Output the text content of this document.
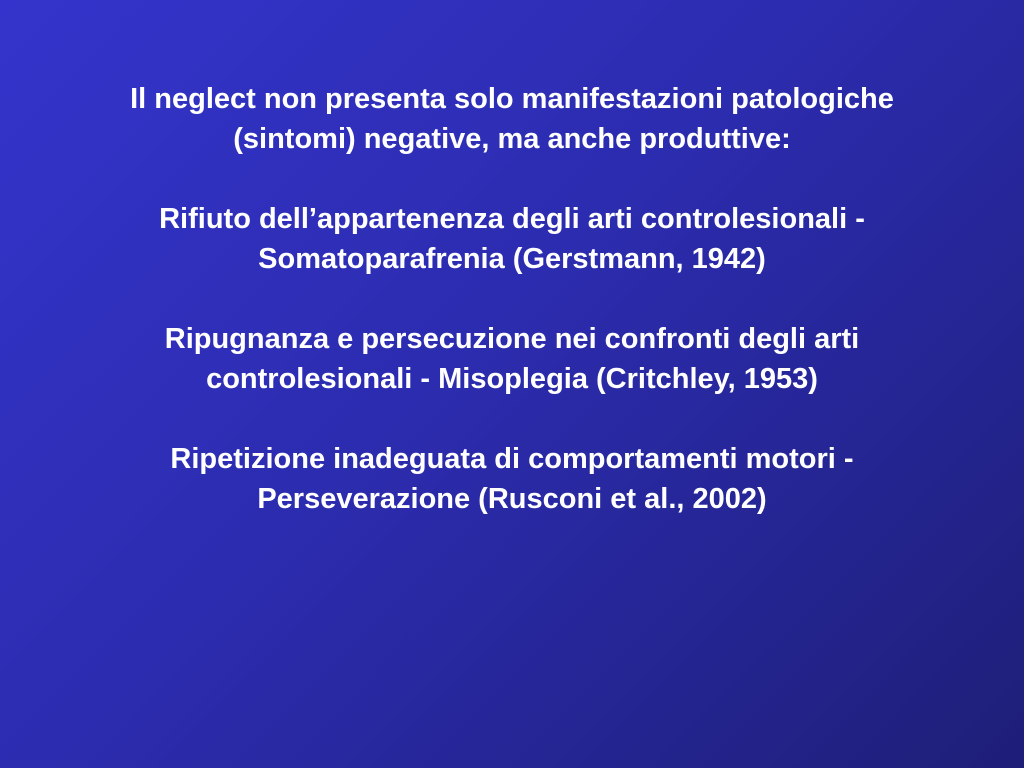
Il neglect non presenta solo manifestazioni patologiche
(sintomi) negative, ma anche produttive:

Rifiuto dell’appartenenza degli arti controlesionali -
Somatoparafrenia (Gerstmann, 1942)

Ripugnanza e persecuzione nei confronti degli arti
controlesionali - Misoplegia (Critchley, 1953)

Ripetizione inadeguata di comportamenti motori -
Perseverazione (Rusconi et al., 2002)
